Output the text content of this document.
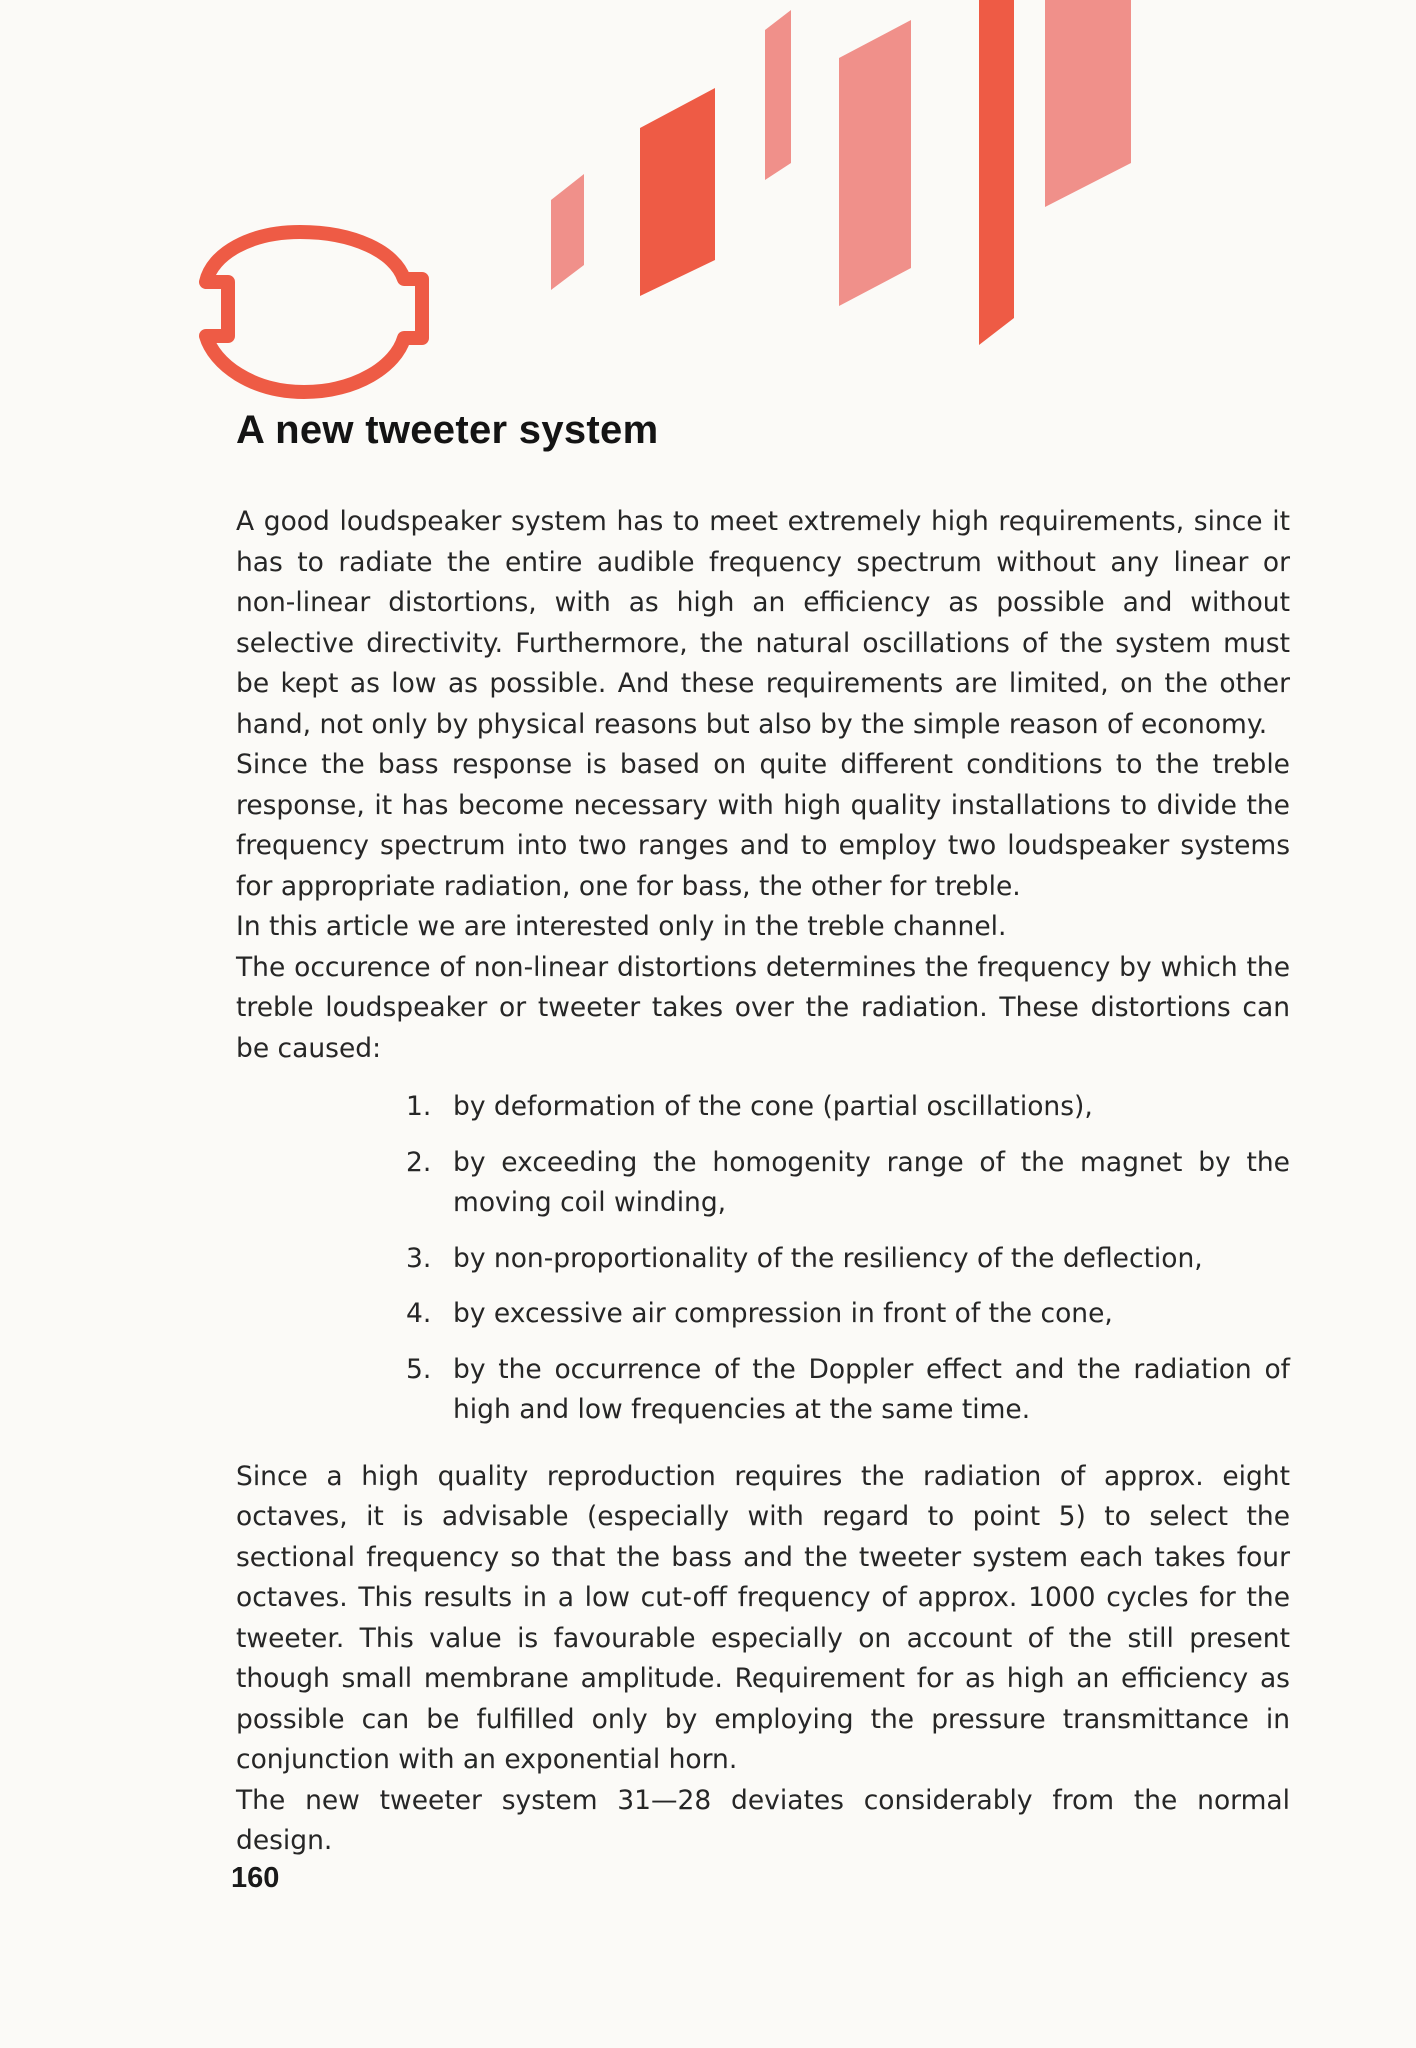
A new tweeter system

A good loudspeaker system has to meet extremely high requirements, since it has to radiate the entire audible frequency spectrum without any linear or non-linear distortions, with as high an efficiency as possible and without selective directivity. Furthermore, the natural oscillations of the system must be kept as low as possible. And these requirements are limited, on the other hand, not only by physical reasons but also by the simple reason of economy.

Since the bass response is based on quite different conditions to the treble response, it has become necessary with high quality installations to divide the frequency spectrum into two ranges and to employ two loudspeaker systems for appropriate radiation, one for bass, the other for treble.

In this article we are interested only in the treble channel.

The occurence of non-linear distortions determines the frequency by which the treble loudspeaker or tweeter takes over the radiation. These distortions can be caused:

1. by deformation of the cone (partial oscillations),
2. by exceeding the homogenity range of the magnet by the moving coil winding,
3. by non-proportionality of the resiliency of the deflection,
4. by excessive air compression in front of the cone,
5. by the occurrence of the Doppler effect and the radiation of high and low frequencies at the same time.

Since a high quality reproduction requires the radiation of approx. eight octaves, it is advisable (especially with regard to point 5) to select the sectional frequency so that the bass and the tweeter system each takes four octaves. This results in a low cut-off frequency of approx. 1000 cycles for the tweeter. This value is favourable especially on account of the still present though small membrane amplitude. Requirement for as high an efficiency as possible can be fulfilled only by employing the pressure transmittance in conjunction with an exponential horn.

The new tweeter system 31—28 deviates considerably from the normal design.

160
